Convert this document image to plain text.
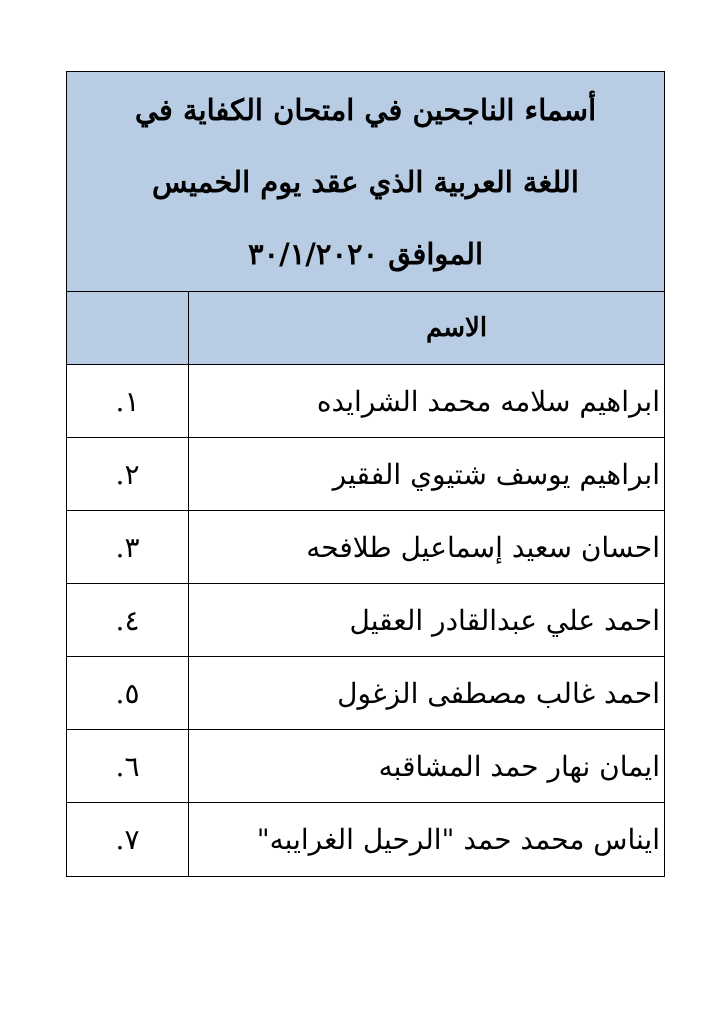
أسماء الناجحين في امتحان الكفاية في
اللغة العربية الذي عقد يوم الخميس
الموافق ٣٠/١/٢٠٢٠
الاسم
ابراهيم سلامه محمد الشرايده
١.
ابراهيم يوسف شتيوي الفقير
٢.
احسان سعيد إسماعيل طلافحه
٣.
احمد علي عبدالقادر العقيل
٤.
احمد غالب مصطفى الزغول
٥.
ايمان نهار حمد المشاقبه
٦.
ايناس محمد حمد "الرحيل الغرايبه"
٧.
